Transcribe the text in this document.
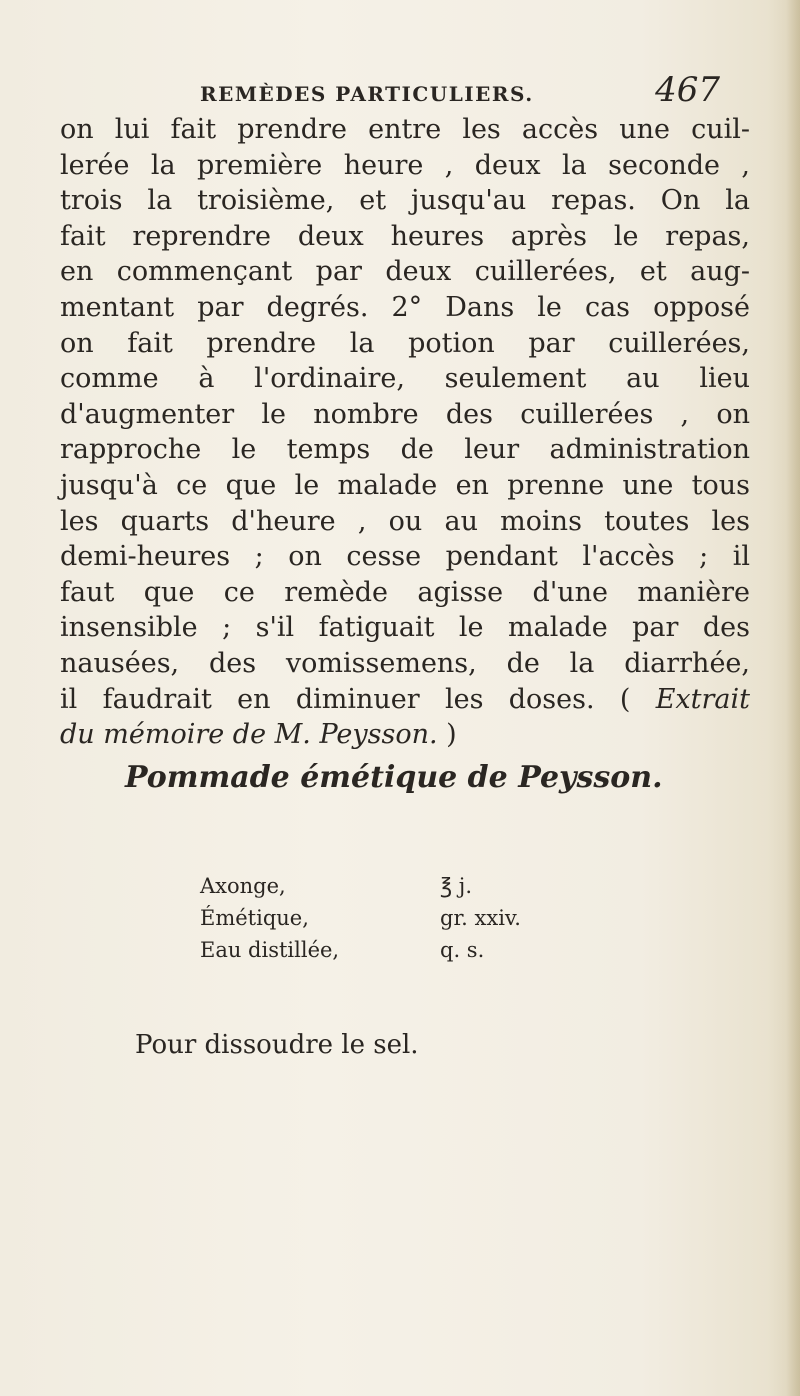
REMÈDES PARTICULIERS.	467
on lui fait prendre entre les accès une cuil-
lerée la première heure , deux la seconde ,
trois la troisième, et jusqu'au repas. On la
fait reprendre deux heures après le repas,
en commençant par deux cuillerées, et aug-
mentant par degrés. 2° Dans le cas opposé
on fait prendre la potion par cuillerées,
comme à l'ordinaire, seulement au lieu
d'augmenter le nombre des cuillerées , on
rapproche le temps de leur administration
jusqu'à ce que le malade en prenne une tous
les quarts d'heure , ou au moins toutes les
demi-heures ; on cesse pendant l'accès ; il
faut que ce remède agisse d'une manière
insensible ; s'il fatiguait le malade par des
nausées, des vomissemens, de la diarrhée,
il faudrait en diminuer les doses. ( Extrait
du mémoire de M. Peysson. )
Pommade émétique de Peysson.
Axonge,	℥ j.
Émétique,	gr. xxiv.
Eau distillée,	q. s.
Pour dissoudre le sel.
